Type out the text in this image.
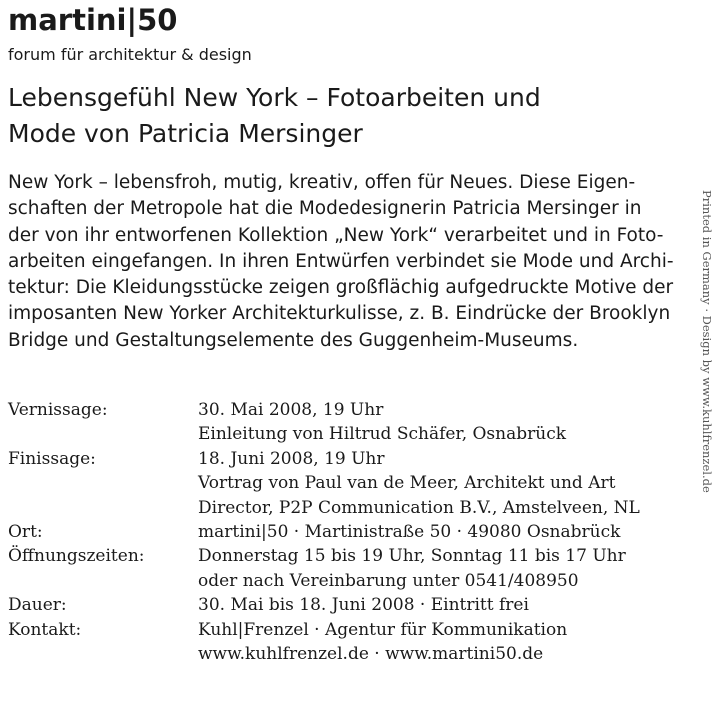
martini|50
forum für architektur & design
Lebensgefühl New York – Fotoarbeiten und
Mode von Patricia Mersinger
New York – lebensfroh, mutig, kreativ, offen für Neues. Diese Eigen-
schaften der Metropole hat die Modedesignerin Patricia Mersinger in
der von ihr entworfenen Kollektion „New York“ verarbeitet und in Foto-
arbeiten eingefangen. In ihren Entwürfen verbindet sie Mode und Archi-
tektur: Die Kleidungsstücke zeigen großflächig aufgedruckte Motive der
imposanten New Yorker Architekturkulisse, z. B. Eindrücke der Brooklyn
Bridge und Gestaltungselemente des Guggenheim-Museums.
Vernissage:	30. Mai 2008, 19 Uhr
Einleitung von Hiltrud Schäfer, Osnabrück
Finissage:	18. Juni 2008, 19 Uhr
Vortrag von Paul van de Meer, Architekt und Art
Director, P2P Communication B.V., Amstelveen, NL
Ort:	martini|50 · Martinistraße 50 · 49080 Osnabrück
Öffnungszeiten:	Donnerstag 15 bis 19 Uhr, Sonntag 11 bis 17 Uhr
oder nach Vereinbarung unter 0541/408950
Dauer:	30. Mai bis 18. Juni 2008 · Eintritt frei
Kontakt:	Kuhl|Frenzel · Agentur für Kommunikation
www.kuhlfrenzel.de · www.martini50.de
Printed in Germany · Design by www.kuhlfrenzel.de
